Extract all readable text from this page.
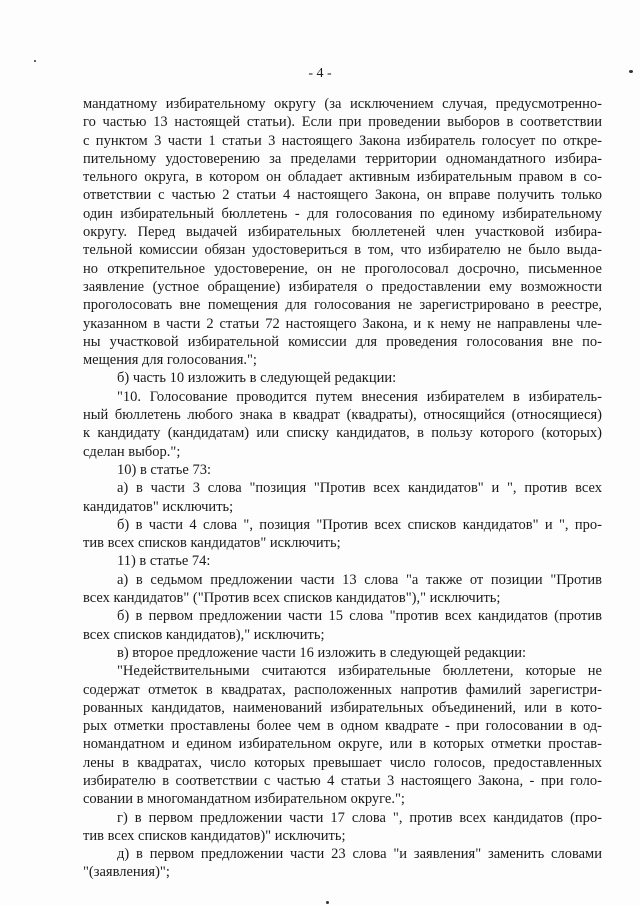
- 4 -
мандатному избирательному округу (за исключением случая, предусмотренно-
го частью 13 настоящей статьи). Если при проведении выборов в соответствии
с пунктом 3 части 1 статьи 3 настоящего Закона избиратель голосует по откре-
пительному удостоверению за пределами территории одномандатного избира-
тельного округа, в котором он обладает активным избирательным правом в со-
ответствии с частью 2 статьи 4 настоящего Закона, он вправе получить только
один избирательный бюллетень - для голосования по единому избирательному
округу. Перед выдачей избирательных бюллетеней член участковой избира-
тельной комиссии обязан удостовериться в том, что избирателю не было выда-
но открепительное удостоверение, он не проголосовал досрочно, письменное
заявление (устное обращение) избирателя о предоставлении ему возможности
проголосовать вне помещения для голосования не зарегистрировано в реестре,
указанном в части 2 статьи 72 настоящего Закона, и к нему не направлены чле-
ны участковой избирательной комиссии для проведения голосования вне по-
мещения для голосования.";
б) часть 10 изложить в следующей редакции:
"10. Голосование проводится путем внесения избирателем в избиратель-
ный бюллетень любого знака в квадрат (квадраты), относящийся (относящиеся)
к кандидату (кандидатам) или списку кандидатов, в пользу которого (которых)
сделан выбор.";
10) в статье 73:
а) в части 3 слова "позиция "Против всех кандидатов" и ", против всех
кандидатов" исключить;
б) в части 4 слова ", позиция "Против всех списков кандидатов" и ", про-
тив всех списков кандидатов" исключить;
11) в статье 74:
а) в седьмом предложении части 13 слова "а также от позиции "Против
всех кандидатов" ("Против всех списков кандидатов")," исключить;
б) в первом предложении части 15 слова "против всех кандидатов (против
всех списков кандидатов)," исключить;
в) второе предложение части 16 изложить в следующей редакции:
"Недействительными считаются избирательные бюллетени, которые не
содержат отметок в квадратах, расположенных напротив фамилий зарегистри-
рованных кандидатов, наименований избирательных объединений, или в кото-
рых отметки проставлены более чем в одном квадрате - при голосовании в од-
номандатном и едином избирательном округе, или в которых отметки простав-
лены в квадратах, число которых превышает число голосов, предоставленных
избирателю в соответствии с частью 4 статьи 3 настоящего Закона, - при голо-
совании в многомандатном избирательном округе.";
г) в первом предложении части 17 слова ", против всех кандидатов (про-
тив всех списков кандидатов)" исключить;
д) в первом предложении части 23 слова "и заявления" заменить словами
"(заявления)";
